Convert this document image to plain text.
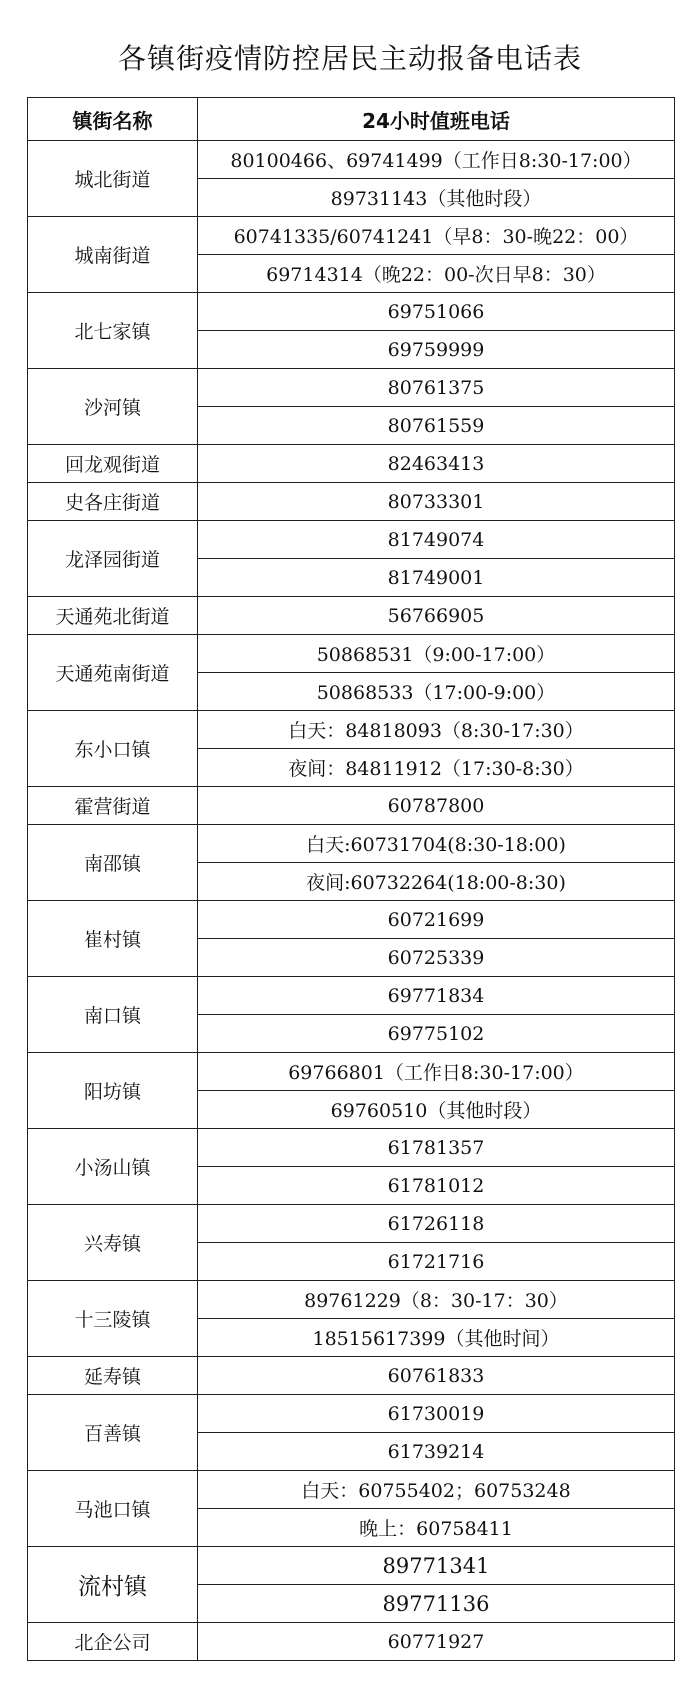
各镇街疫情防控居民主动报备电话表
镇街名称	24小时值班电话
城北街道	80100466、69741499（工作日8:30-17:00）
	89731143（其他时段）
城南街道	60741335/60741241（早8：30-晚22：00）
	69714314（晚22：00-次日早8：30）
北七家镇	69751066
	69759999
沙河镇	80761375
	80761559
回龙观街道	82463413
史各庄街道	80733301
龙泽园街道	81749074
	81749001
天通苑北街道	56766905
天通苑南街道	50868531（9:00-17:00）
	50868533（17:00-9:00）
东小口镇	白天：84818093（8:30-17:30）
	夜间：84811912（17:30-8:30）
霍营街道	60787800
南邵镇	白天:60731704(8:30-18:00)
	夜间:60732264(18:00-8:30)
崔村镇	60721699
	60725339
南口镇	69771834
	69775102
阳坊镇	69766801（工作日8:30-17:00）
	69760510（其他时段）
小汤山镇	61781357
	61781012
兴寿镇	61726118
	61721716
十三陵镇	89761229（8：30-17：30）
	18515617399（其他时间）
延寿镇	60761833
百善镇	61730019
	61739214
马池口镇	白天：60755402；60753248
	晚上：60758411
流村镇	89771341
	89771136
北企公司	60771927
